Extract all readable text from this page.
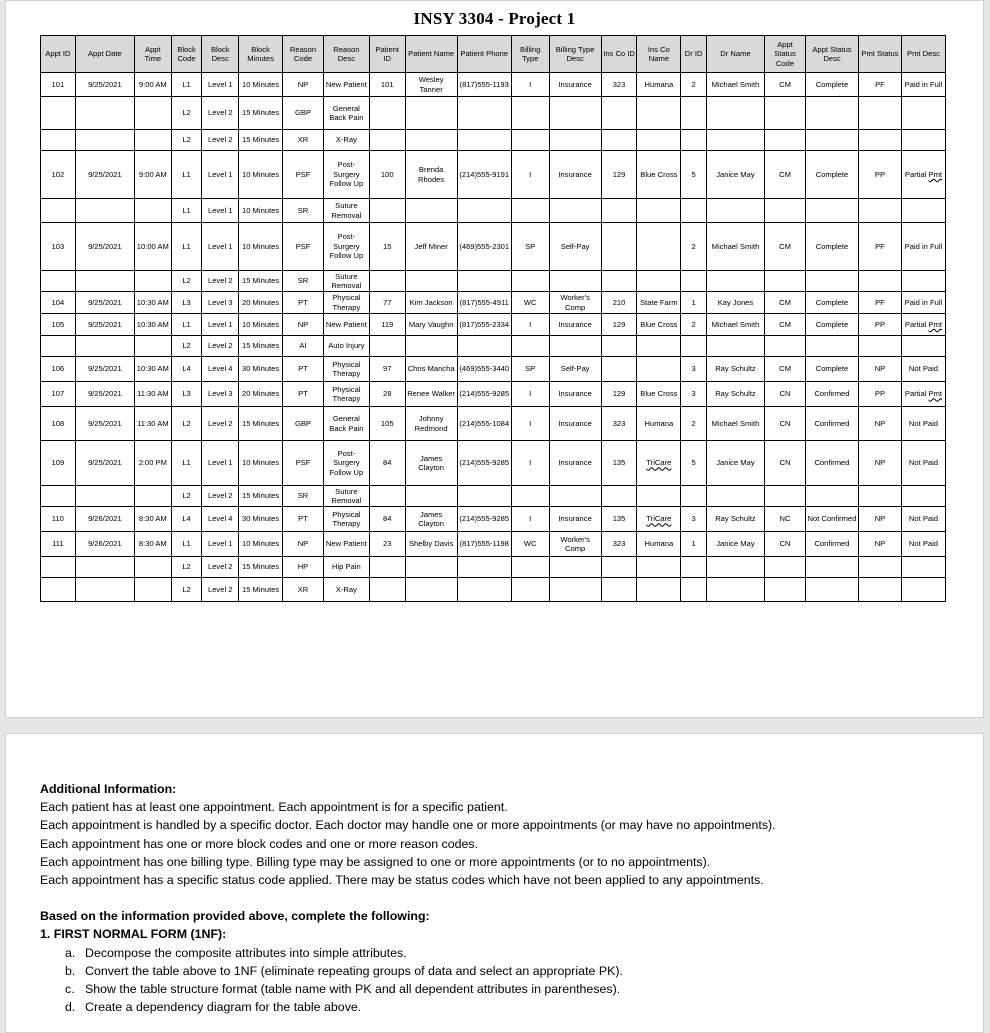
INSY 3304 - Project 1
Appt ID	Appt Date	Appt Time	Block Code	Block Desc	Block Minutes	Reason Code	Reason Desc	Patient ID	Patient Name	Patient Phone	Billing Type	Billing Type Desc	Ins Co ID	Ins Co Name	Dr ID	Dr Name	Appt Status Code	Appt Status Desc	Pmt Status	Pmt Desc
101	9/25/2021	9:00 AM	L1	Level 1	10 Minutes	NP	New Patient	101	Wesley Tanner	(817)555-1193	I	Insurance	323	Humana	2	Michael Smith	CM	Complete	PF	Paid in Full
			L2	Level 2	15 Minutes	GBP	General Back Pain													
			L2	Level 2	15 Minutes	XR	X-Ray													
102	9/25/2021	9:00 AM	L1	Level 1	10 Minutes	PSF	Post-Surgery Follow Up	100	Brenda Rhodes	(214)555-9191	I	Insurance	129	Blue Cross	5	Janice May	CM	Complete	PP	Partial Pmt
			L1	Level 1	10 Minutes	SR	Suture Removal													
103	9/25/2021	10:00 AM	L1	Level 1	10 Minutes	PSF	Post-Surgery Follow Up	15	Jeff Miner	(469)555-2301	SP	Self-Pay			2	Michael Smith	CM	Complete	PF	Paid in Full
			L2	Level 2	15 Minutes	SR	Suture Removal													
104	9/25/2021	10:30 AM	L3	Level 3	20 Minutes	PT	Physical Therapy	77	Kim Jackson	(817)555-4911	WC	Worker's Comp	210	State Farm	1	Kay Jones	CM	Complete	PF	Paid in Full
105	9/25/2021	10:30 AM	L1	Level 1	10 Minutes	NP	New Patient	119	Mary Vaughn	(817)555-2334	I	Insurance	129	Blue Cross	2	Michael Smith	CM	Complete	PP	Partial Pmt
			L2	Level 2	15 Minutes	AI	Auto Injury													
106	9/25/2021	10:30 AM	L4	Level 4	30 Minutes	PT	Physical Therapy	97	Chris Mancha	(469)555-3440	SP	Self-Pay			3	Ray Schultz	CM	Complete	NP	Not Paid
107	9/25/2021	11:30 AM	L3	Level 3	20 Minutes	PT	Physical Therapy	28	Renee Walker	(214)555-9285	I	Insurance	129	Blue Cross	3	Ray Schultz	CN	Confirmed	PP	Partial Pmt
108	9/25/2021	11:30 AM	L2	Level 2	15 Minutes	GBP	General Back Pain	105	Johnny Redmond	(214)555-1084	I	Insurance	323	Humana	2	Michael Smith	CN	Confirmed	NP	Not Paid
109	9/25/2021	2:00 PM	L1	Level 1	10 Minutes	PSF	Post-Surgery Follow Up	84	James Clayton	(214)555-9285	I	Insurance	135	TriCare	5	Janice May	CN	Confirmed	NP	Not Paid
			L2	Level 2	15 Minutes	SR	Suture Removal													
110	9/26/2021	8:30 AM	L4	Level 4	30 Minutes	PT	Physical Therapy	84	James Clayton	(214)555-9285	I	Insurance	135	TriCare	3	Ray Schultz	NC	Not Confirmed	NP	Not Paid
111	9/26/2021	8:30 AM	L1	Level 1	10 Minutes	NP	New Patient	23	Shelby Davis	(817)555-1198	WC	Worker's Comp	323	Humana	1	Janice May	CN	Confirmed	NP	Not Paid
			L2	Level 2	15 Minutes	HP	Hip Pain													
			L2	Level 2	15 Minutes	XR	X-Ray													
Additional Information:
Each patient has at least one appointment. Each appointment is for a specific patient.
Each appointment is handled by a specific doctor. Each doctor may handle one or more appointments (or may have no appointments).
Each appointment has one or more block codes and one or more reason codes.
Each appointment has one billing type. Billing type may be assigned to one or more appointments (or to no appointments).
Each appointment has a specific status code applied. There may be status codes which have not been applied to any appointments.
Based on the information provided above, complete the following:
1. FIRST NORMAL FORM (1NF):
a. Decompose the composite attributes into simple attributes.
b. Convert the table above to 1NF (eliminate repeating groups of data and select an appropriate PK).
c. Show the table structure format (table name with PK and all dependent attributes in parentheses).
d. Create a dependency diagram for the table above.
